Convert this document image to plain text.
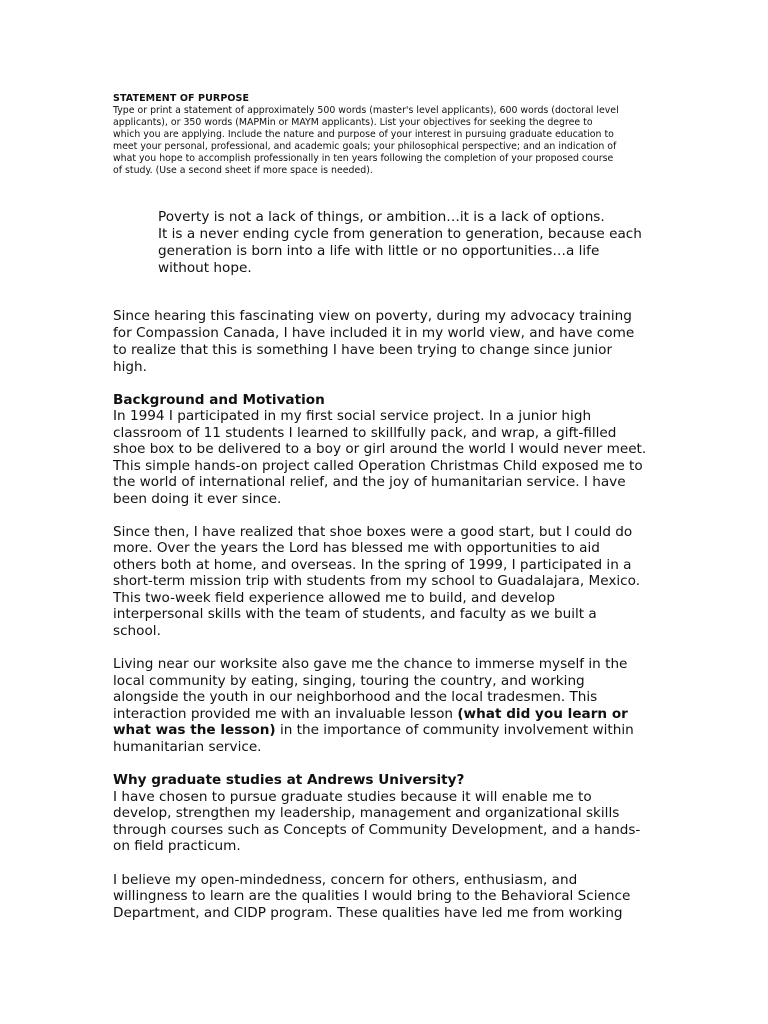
STATEMENT OF PURPOSE
Type or print a statement of approximately 500 words (master's level applicants), 600 words (doctoral level
applicants), or 350 words (MAPMin or MAYM applicants). List your objectives for seeking the degree to
which you are applying. Include the nature and purpose of your interest in pursuing graduate education to
meet your personal, professional, and academic goals; your philosophical perspective; and an indication of
what you hope to accomplish professionally in ten years following the completion of your proposed course
of study. (Use a second sheet if more space is needed).
Poverty is not a lack of things, or ambition…it is a lack of options.
It is a never ending cycle from generation to generation, because each
generation is born into a life with little or no opportunities…a life
without hope.
Since hearing this fascinating view on poverty, during my advocacy training
for Compassion Canada, I have included it in my world view, and have come
to realize that this is something I have been trying to change since junior
high.
Background and Motivation
In 1994 I participated in my first social service project. In a junior high
classroom of 11 students I learned to skillfully pack, and wrap, a gift-filled
shoe box to be delivered to a boy or girl around the world I would never meet.
This simple hands-on project called Operation Christmas Child exposed me to
the world of international relief, and the joy of humanitarian service. I have
been doing it ever since.
Since then, I have realized that shoe boxes were a good start, but I could do
more. Over the years the Lord has blessed me with opportunities to aid
others both at home, and overseas. In the spring of 1999, I participated in a
short-term mission trip with students from my school to Guadalajara, Mexico.
This two-week field experience allowed me to build, and develop
interpersonal skills with the team of students, and faculty as we built a
school.
Living near our worksite also gave me the chance to immerse myself in the
local community by eating, singing, touring the country, and working
alongside the youth in our neighborhood and the local tradesmen. This
interaction provided me with an invaluable lesson (what did you learn or
what was the lesson) in the importance of community involvement within
humanitarian service.
Why graduate studies at Andrews University?
I have chosen to pursue graduate studies because it will enable me to
develop, strengthen my leadership, management and organizational skills
through courses such as Concepts of Community Development, and a hands-
on field practicum.
I believe my open-mindedness, concern for others, enthusiasm, and
willingness to learn are the qualities I would bring to the Behavioral Science
Department, and CIDP program. These qualities have led me from working
